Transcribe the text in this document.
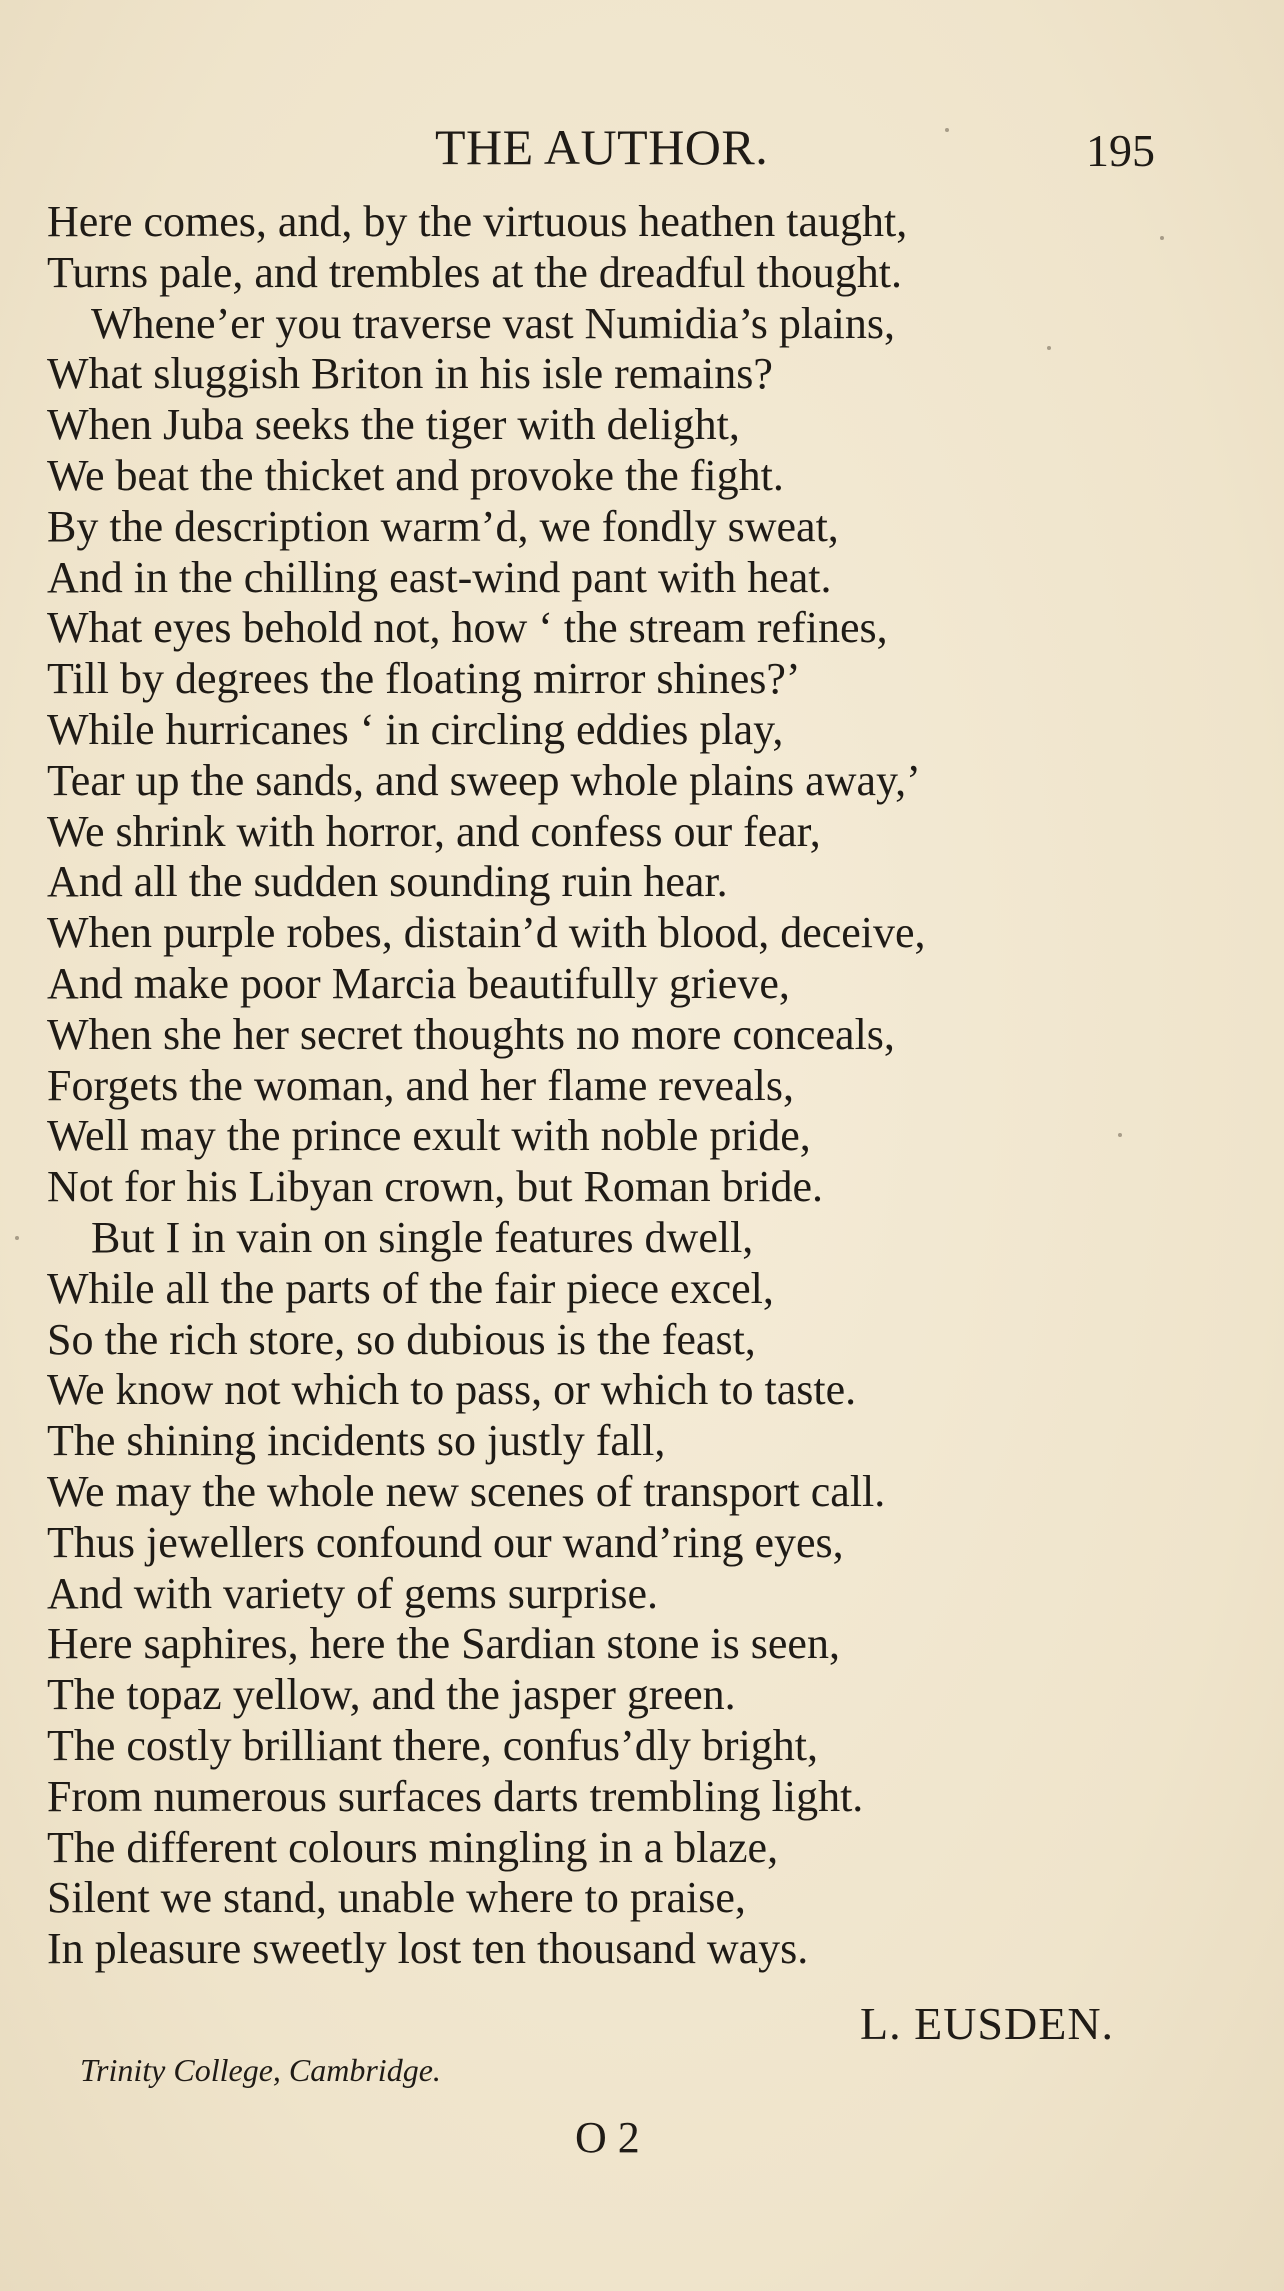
THE AUTHOR.	195
Here comes, and, by the virtuous heathen taught,
Turns pale, and trembles at the dreadful thought.
Whene’er you traverse vast Numidia’s plains,
What sluggish Briton in his isle remains?
When Juba seeks the tiger with delight,
We beat the thicket and provoke the fight.
By the description warm’d, we fondly sweat,
And in the chilling east-wind pant with heat.
What eyes behold not, how ‘ the stream refines,
Till by degrees the floating mirror shines?’
While hurricanes ‘ in circling eddies play,
Tear up the sands, and sweep whole plains away,’
We shrink with horror, and confess our fear,
And all the sudden sounding ruin hear.
When purple robes, distain’d with blood, deceive,
And make poor Marcia beautifully grieve,
When she her secret thoughts no more conceals,
Forgets the woman, and her flame reveals,
Well may the prince exult with noble pride,
Not for his Libyan crown, but Roman bride.
But I in vain on single features dwell,
While all the parts of the fair piece excel,
So the rich store, so dubious is the feast,
We know not which to pass, or which to taste.
The shining incidents so justly fall,
We may the whole new scenes of transport call.
Thus jewellers confound our wand’ring eyes,
And with variety of gems surprise.
Here saphires, here the Sardian stone is seen,
The topaz yellow, and the jasper green.
The costly brilliant there, confus’dly bright,
From numerous surfaces darts trembling light.
The different colours mingling in a blaze,
Silent we stand, unable where to praise,
In pleasure sweetly lost ten thousand ways.
L. EUSDEN.
Trinity College, Cambridge.
O 2
